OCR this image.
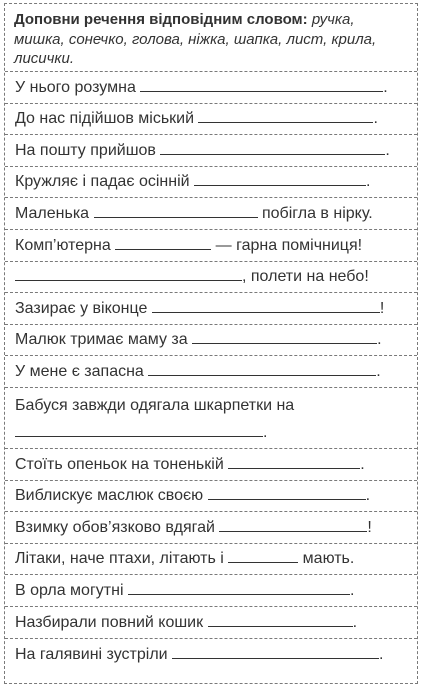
Доповни речення відповідним словом: ручка, мишка, сонечко, голова, ніжка, шапка, лист, крила, лисички.
У нього розумна	.
До нас підійшов міський	.
На пошту прийшов	.
Кружляє і падає осінній	.
Маленька	побігла в нірку.
Комп’ютерна	— гарна помічниця!
, полети на небо!
Зазирає у віконце	!
Малюк тримає маму за	.
У мене є запасна	.
Бабуся завжди одягала шкарпетки на
.
Стоїть опеньок на тоненькій	.
Виблискує маслюк своєю	.
Взимку обов’язково вдягай	!
Літаки, наче птахи, літають і	мають.
В орла могутні	.
Назбирали повний кошик	.
На галявині зустріли	.
